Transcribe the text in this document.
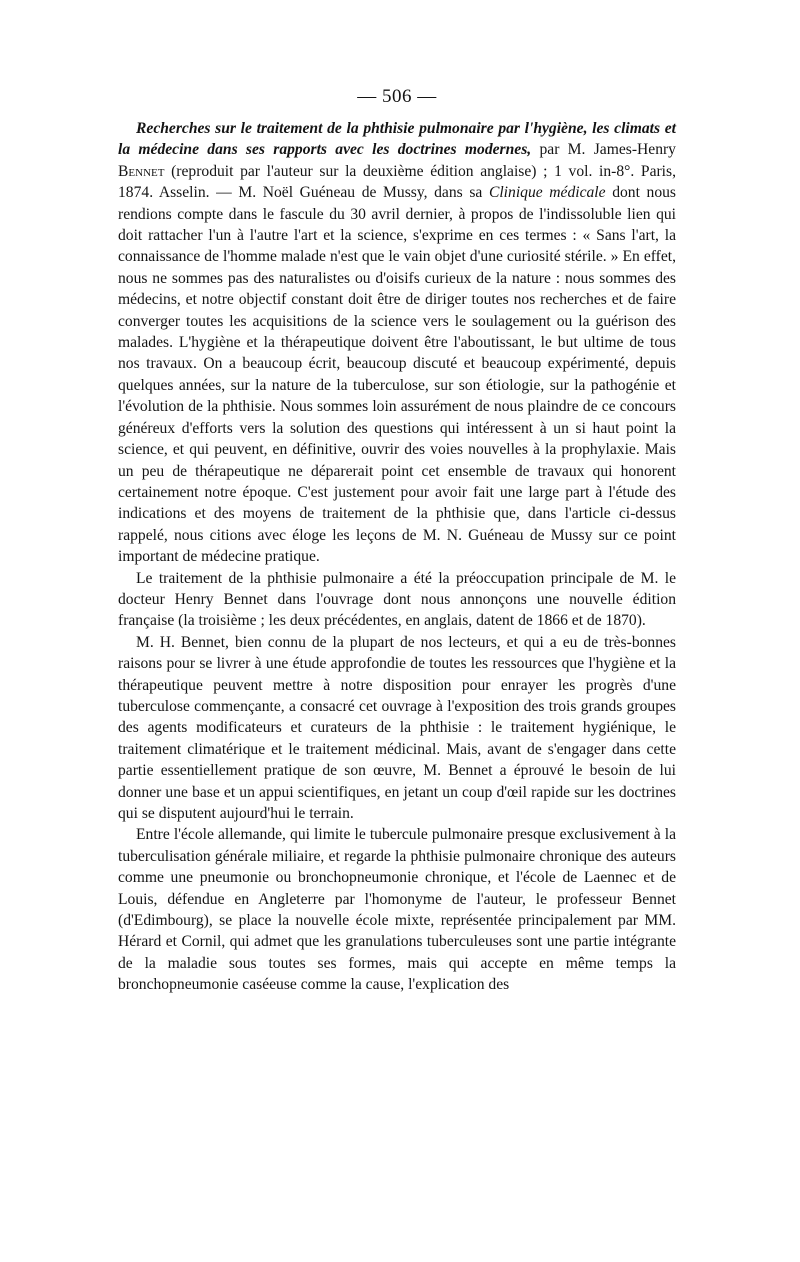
— 506 —

Recherches sur le traitement de la phthisie pulmonaire par l'hygiène, les climats et la médecine dans ses rapports avec les doctrines modernes, par M. James-Henry Bennet (reproduit par l'auteur sur la deuxième édition anglaise) ; 1 vol. in-8°. Paris, 1874. Asselin. — M. Noël Guéneau de Mussy, dans sa Clinique médicale dont nous rendions compte dans le fascule du 30 avril dernier, à propos de l'indissoluble lien qui doit rattacher l'un à l'autre l'art et la science, s'exprime en ces termes : « Sans l'art, la connaissance de l'homme malade n'est que le vain objet d'une curiosité stérile. » En effet, nous ne sommes pas des naturalistes ou d'oisifs curieux de la nature : nous sommes des médecins, et notre objectif constant doit être de diriger toutes nos recherches et de faire converger toutes les acquisitions de la science vers le soulagement ou la guérison des malades. L'hygiène et la thérapeutique doivent être l'aboutissant, le but ultime de tous nos travaux. On a beaucoup écrit, beaucoup discuté et beaucoup expérimenté, depuis quelques années, sur la nature de la tuberculose, sur son étiologie, sur la pathogénie et l'évolution de la phthisie. Nous sommes loin assurément de nous plaindre de ce concours généreux d'efforts vers la solution des questions qui intéressent à un si haut point la science, et qui peuvent, en définitive, ouvrir des voies nouvelles à la prophylaxie. Mais un peu de thérapeutique ne déparerait point cet ensemble de travaux qui honorent certainement notre époque. C'est justement pour avoir fait une large part à l'étude des indications et des moyens de traitement de la phthisie que, dans l'article ci-dessus rappelé, nous citions avec éloge les leçons de M. N. Guéneau de Mussy sur ce point important de médecine pratique.

Le traitement de la phthisie pulmonaire a été la préoccupation principale de M. le docteur Henry Bennet dans l'ouvrage dont nous annonçons une nouvelle édition française (la troisième ; les deux précédentes, en anglais, datent de 1866 et de 1870).

M. H. Bennet, bien connu de la plupart de nos lecteurs, et qui a eu de très-bonnes raisons pour se livrer à une étude approfondie de toutes les ressources que l'hygiène et la thérapeutique peuvent mettre à notre disposition pour enrayer les progrès d'une tuberculose commençante, a consacré cet ouvrage à l'exposition des trois grands groupes des agents modificateurs et curateurs de la phthisie : le traitement hygiénique, le traitement climatérique et le traitement médicinal. Mais, avant de s'engager dans cette partie essentiellement pratique de son œuvre, M. Bennet a éprouvé le besoin de lui donner une base et un appui scientifiques, en jetant un coup d'œil rapide sur les doctrines qui se disputent aujourd'hui le terrain.

Entre l'école allemande, qui limite le tubercule pulmonaire presque exclusivement à la tuberculisation générale miliaire, et regarde la phthisie pulmonaire chronique des auteurs comme une pneumonie ou bronchopneumonie chronique, et l'école de Laennec et de Louis, défendue en Angleterre par l'homonyme de l'auteur, le professeur Bennet (d'Edimbourg), se place la nouvelle école mixte, représentée principalement par MM. Hérard et Cornil, qui admet que les granulations tuberculeuses sont une partie intégrante de la maladie sous toutes ses formes, mais qui accepte en même temps la bronchopneumonie caséeuse comme la cause, l'explication des
